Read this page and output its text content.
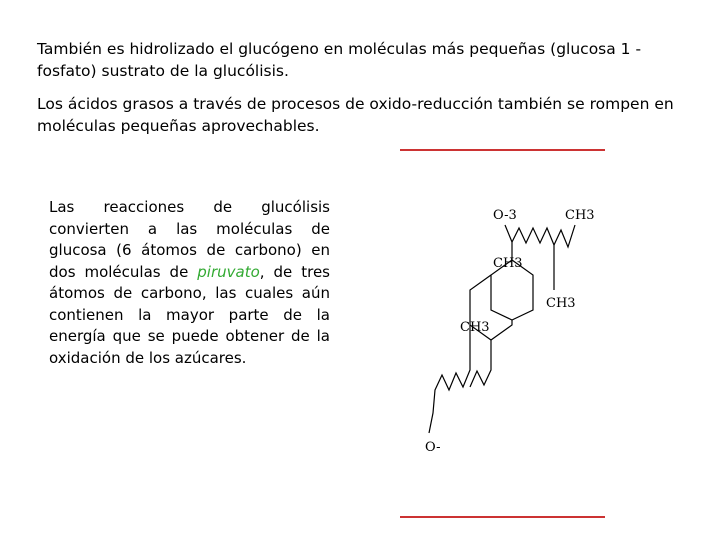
También es hidrolizado el glucógeno en moléculas más pequeñas (glucosa 1 -fosfato) sustrato de la glucólisis.
Los ácidos grasos a través de procesos de oxido-reducción también se rompen en moléculas pequeñas aprovechables.
Las reacciones de glucólisis convierten a las moléculas de glucosa (6 átomos de carbono) en dos moléculas de piruvato, de tres átomos de carbono, las cuales aún contienen la mayor parte de la energía que se puede obtener de la oxidación de los azúcares.
O-3	CH3
CH3
CH3
CH3
O-
